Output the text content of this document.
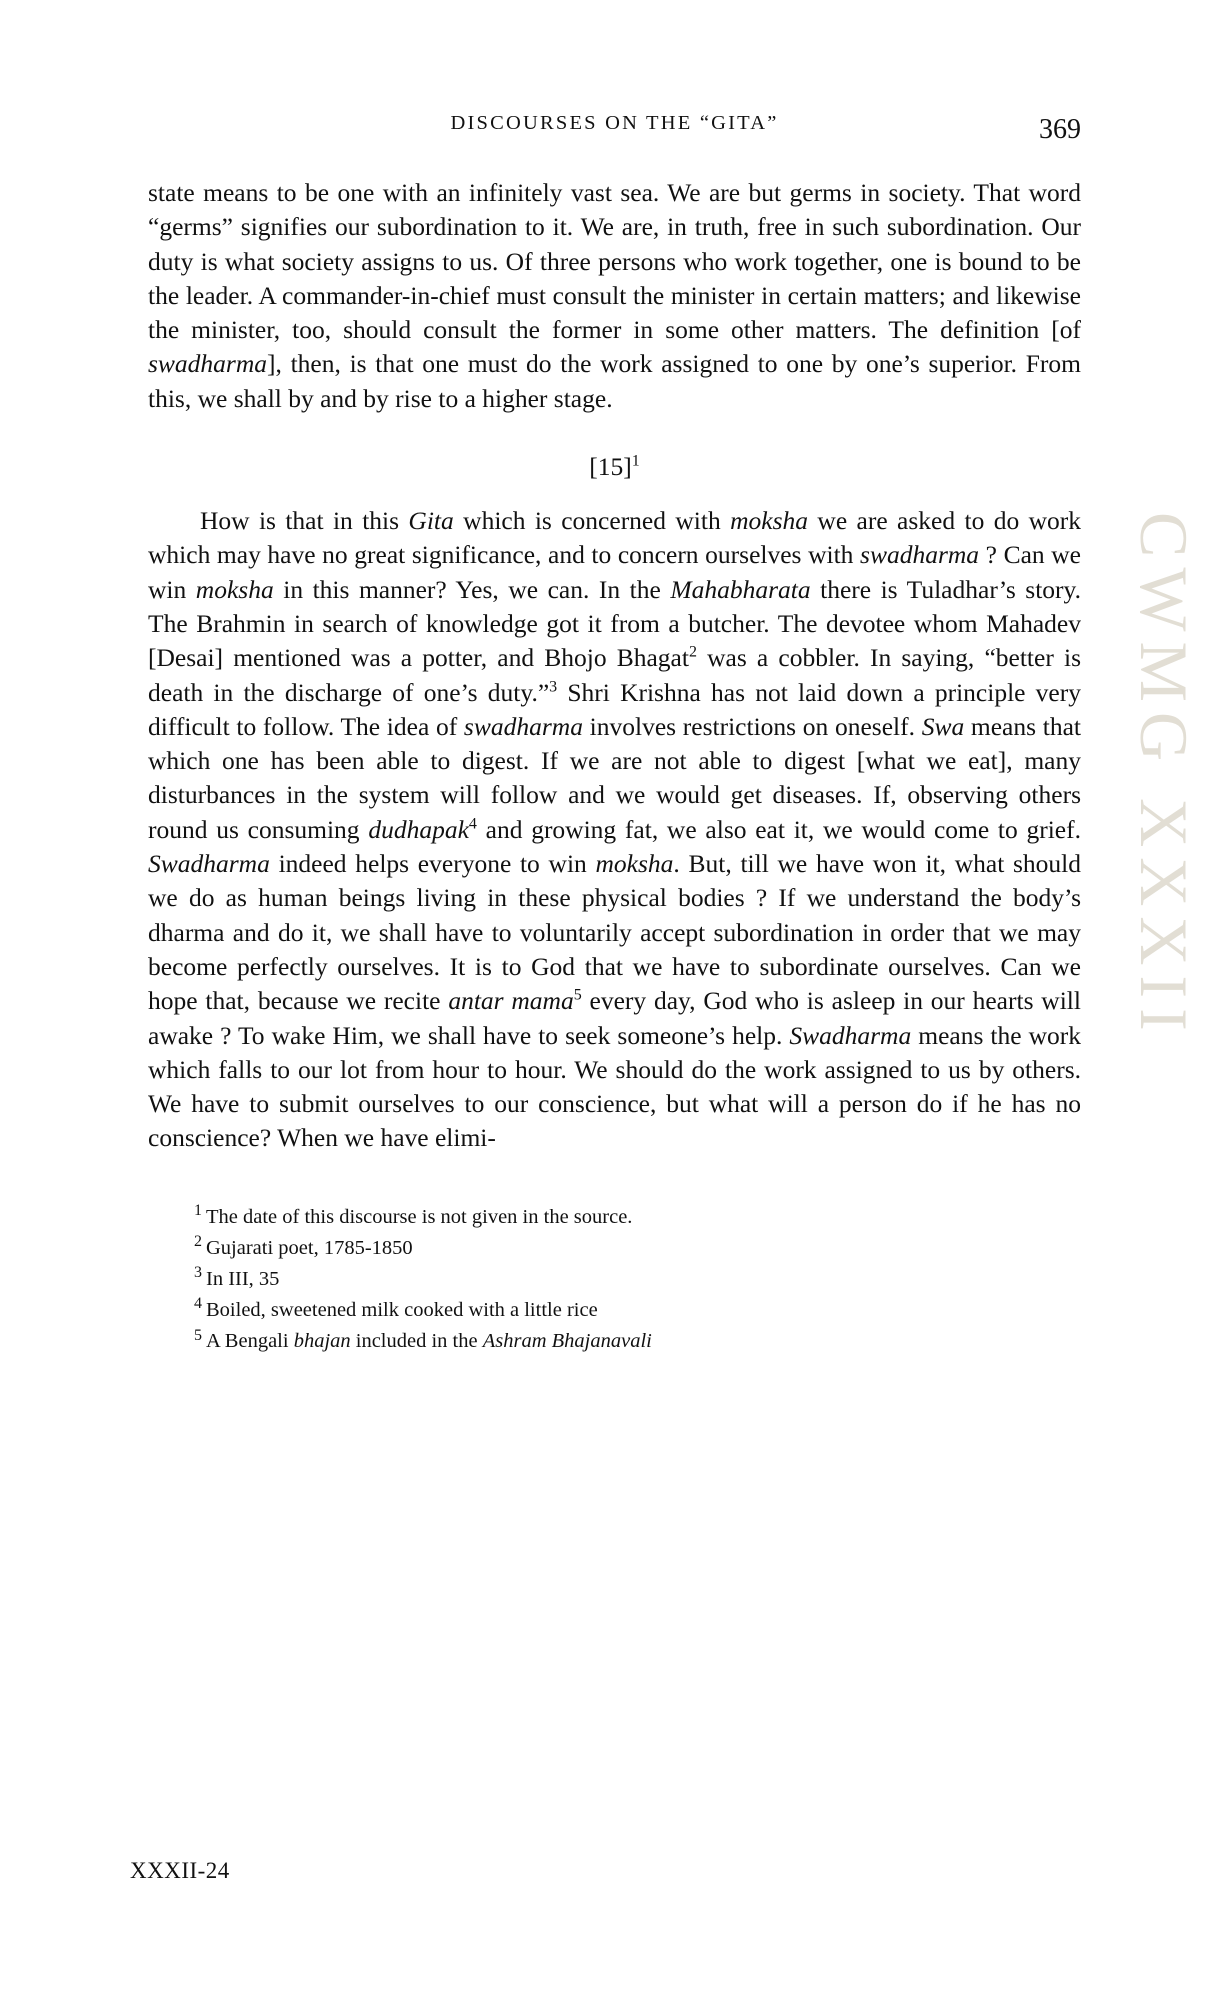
CWMG XXXII
DISCOURSES ON THE “GITA”	369

state means to be one with an infinitely vast sea. We are but germs in society. That word “germs” signifies our subordination to it. We are, in truth, free in such subordination. Our duty is what society assigns to us. Of three persons who work together, one is bound to be the leader. A commander-in-chief must consult the minister in certain matters; and likewise the minister, too, should consult the former in some other matters. The definition [of swadharma], then, is that one must do the work assigned to one by one’s superior. From this, we shall by and by rise to a higher stage.

$[15]^1$

How is that in this Gita which is concerned with moksha we are asked to do work which may have no great significance, and to concern ourselves with swadharma ? Can we win moksha in this manner? Yes, we can. In the Mahabharata there is Tuladhar’s story. The Brahmin in search of knowledge got it from a butcher. The devotee whom Mahadev [Desai] mentioned was a potter, and Bhojo Bhagat$^2$ was a cobbler. In saying, “better is death in the discharge of one’s duty.”$^3$ Shri Krishna has not laid down a principle very difficult to follow. The idea of swadharma involves restrictions on oneself. Swa means that which one has been able to digest. If we are not able to digest [what we eat], many disturbances in the system will follow and we would get diseases. If, observing others round us consuming dudhapak$^4$ and growing fat, we also eat it, we would come to grief. Swadharma indeed helps everyone to win moksha. But, till we have won it, what should we do as human beings living in these physical bodies ? If we understand the body’s dharma and do it, we shall have to voluntarily accept subordination in order that we may become perfectly ourselves. It is to God that we have to subordinate ourselves. Can we hope that, because we recite antar mama$^5$ every day, God who is asleep in our hearts will awake ? To wake Him, we shall have to seek someone’s help. Swadharma means the work which falls to our lot from hour to hour. We should do the work assigned to us by others. We have to submit ourselves to our conscience, but what will a person do if he has no conscience? When we have elimi-

$^1$ The date of this discourse is not given in the source.
$^2$ Gujarati poet, 1785-1850
$^3$ In III, 35
$^4$ Boiled, sweetened milk cooked with a little rice
$^5$ A Bengali bhajan included in the Ashram Bhajanavali
XXXII-24
